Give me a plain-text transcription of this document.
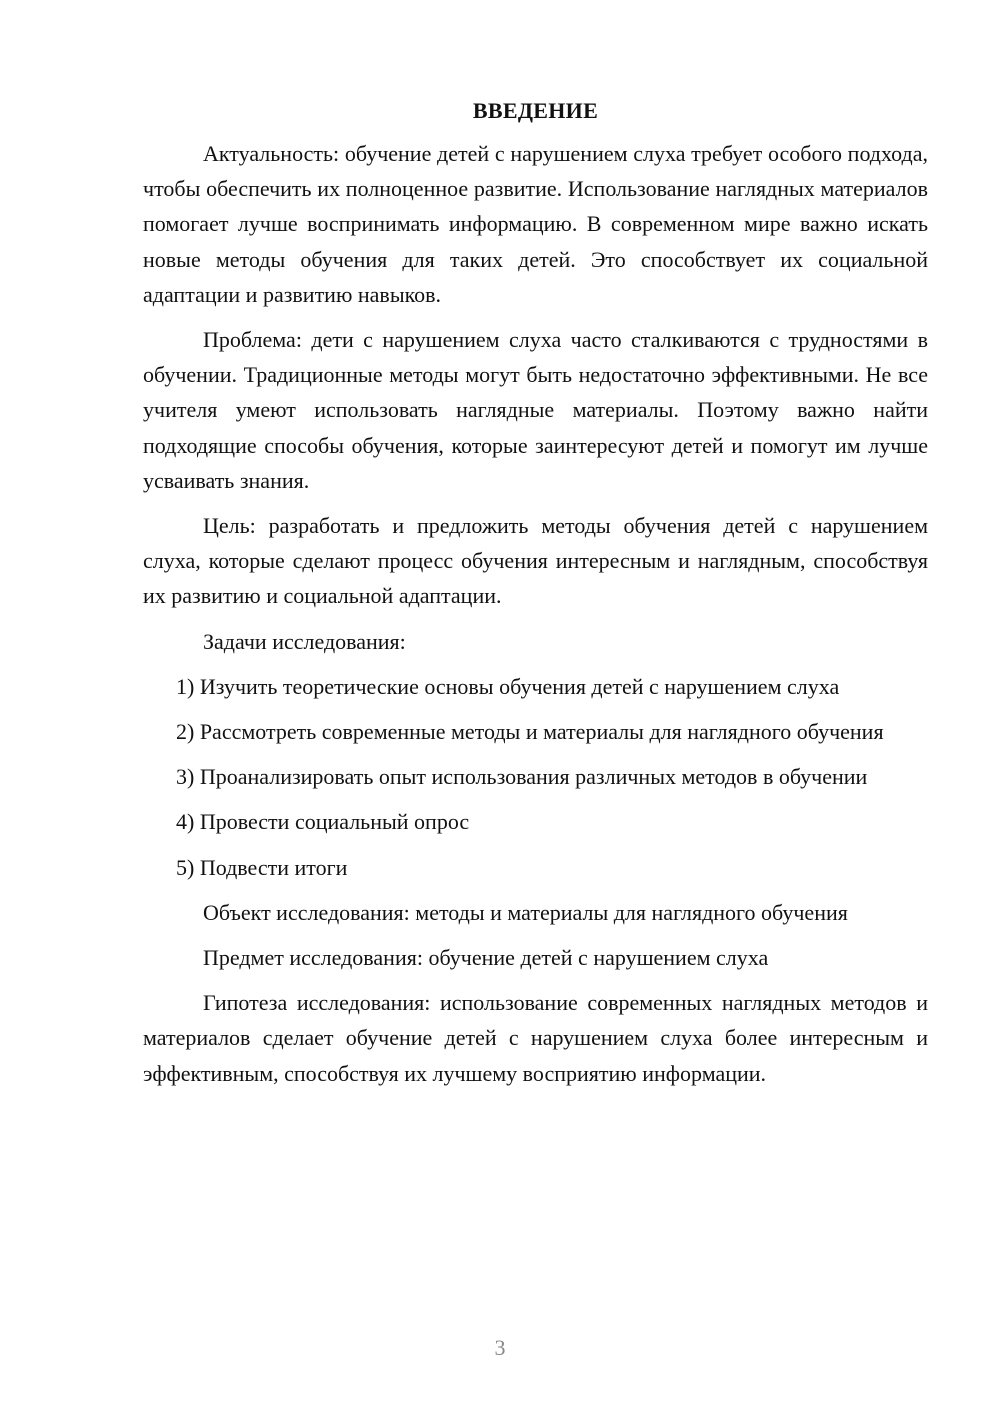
ВВЕДЕНИЕ

Актуальность: обучение детей с нарушением слуха требует особого подхода, чтобы обеспечить их полноценное развитие. Использование наглядных материалов помогает лучше воспринимать информацию. В современном мире важно искать новые методы обучения для таких детей. Это способствует их социальной адаптации и развитию навыков.

Проблема: дети с нарушением слуха часто сталкиваются с трудностями в обучении. Традиционные методы могут быть недостаточно эффективными. Не все учителя умеют использовать наглядные материалы. Поэтому важно найти подходящие способы обучения, которые заинтересуют детей и помогут им лучше усваивать знания.

Цель: разработать и предложить методы обучения детей с нарушением слуха, которые сделают процесс обучения интересным и наглядным, способствуя их развитию и социальной адаптации.

Задачи исследования:

1) Изучить теоретические основы обучения детей с нарушением слуха

2) Рассмотреть современные методы и материалы для наглядного обучения

3) Проанализировать опыт использования различных методов в обучении

4) Провести социальный опрос

5) Подвести итоги

Объект исследования: методы и материалы для наглядного обучения

Предмет исследования: обучение детей с нарушением слуха

Гипотеза исследования: использование современных наглядных методов и материалов сделает обучение детей с нарушением слуха более интересным и эффективным, способствуя их лучшему восприятию информации.

3
